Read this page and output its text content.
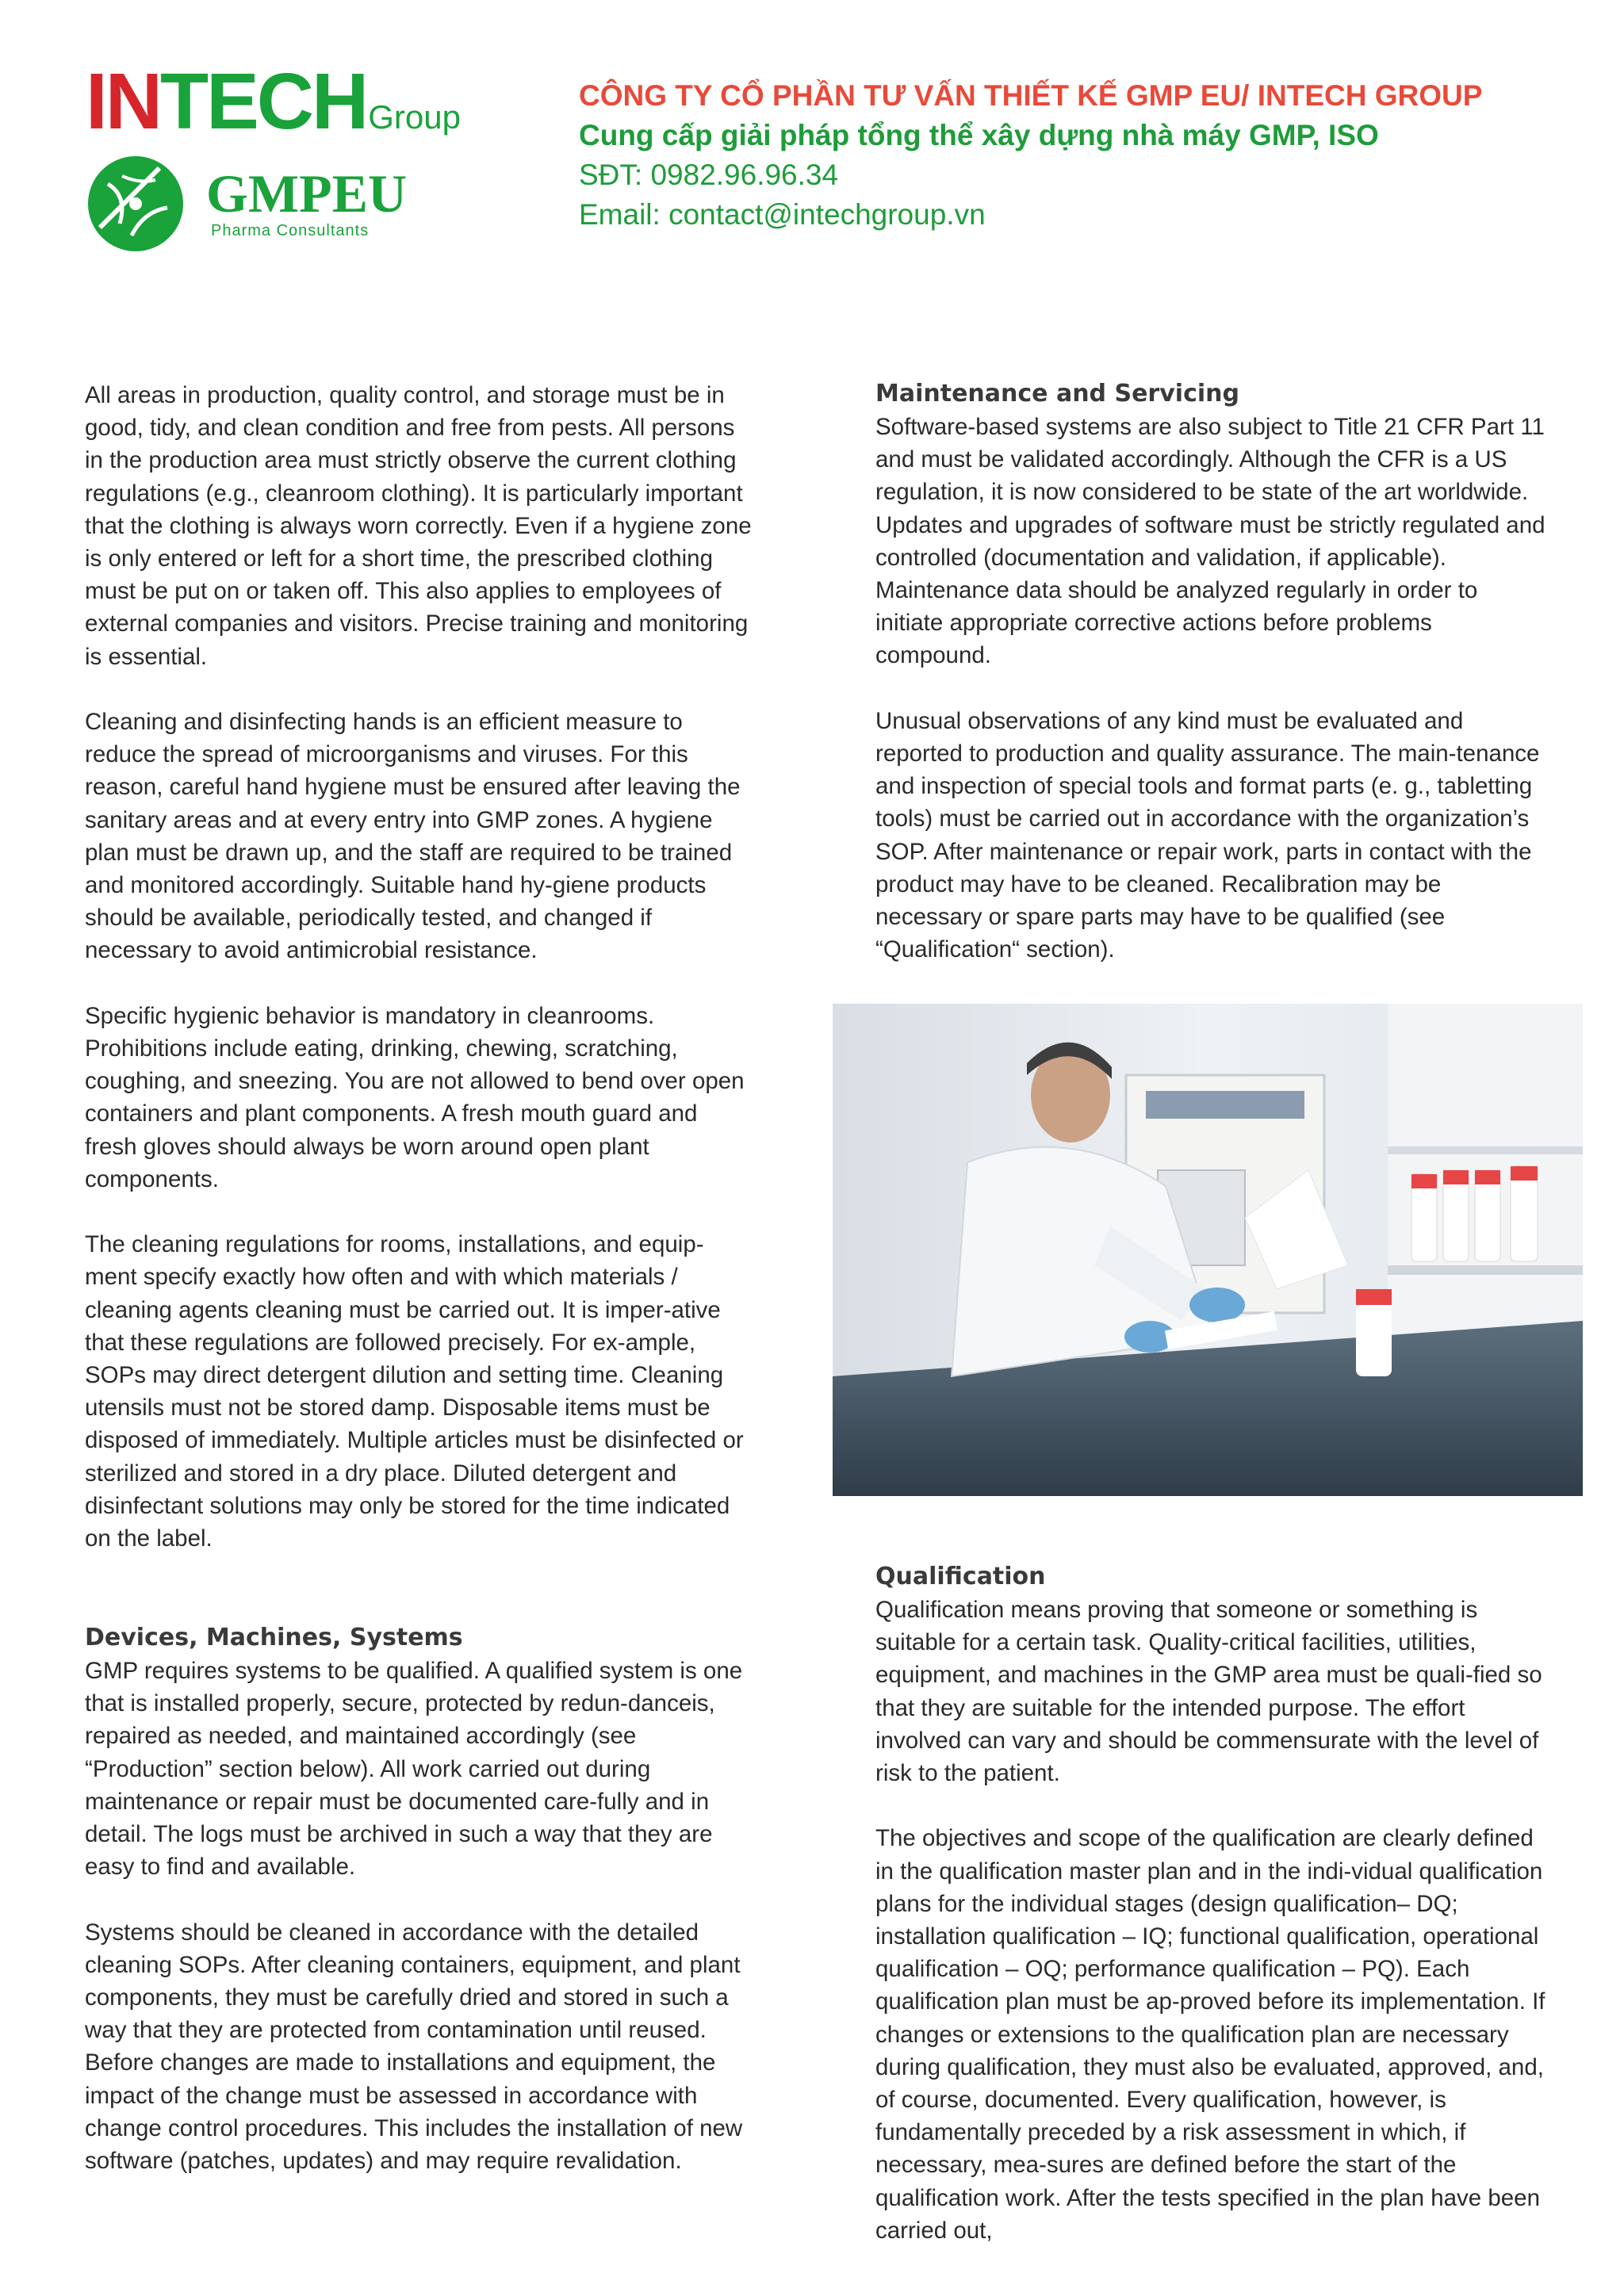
INTECHGroup
GMPEU
Pharma Consultants
CÔNG TY CỔ PHẦN TƯ VẤN THIẾT KẾ GMP EU/ INTECH GROUP
Cung cấp giải pháp tổng thể xây dựng nhà máy GMP, ISO
SĐT: 0982.96.96.34
Email: contact@intechgroup.vn

All areas in production, quality control, and storage must be in good, tidy, and clean condition and free from pests. All persons in the production area must strictly observe the current clothing regulations (e.g., cleanroom clothing). It is particularly important that the clothing is always worn correctly. Even if a hygiene zone is only entered or left for a short time, the prescribed clothing must be put on or taken off. This also applies to employees of external companies and visitors. Precise training and monitoring is essential.

Cleaning and disinfecting hands is an efficient measure to reduce the spread of microorganisms and viruses. For this reason, careful hand hygiene must be ensured after leaving the sanitary areas and at every entry into GMP zones. A hygiene plan must be drawn up, and the staff are required to be trained and monitored accordingly. Suitable hand hy-giene products should be available, periodically tested, and changed if necessary to avoid antimicrobial resistance.

Specific hygienic behavior is mandatory in cleanrooms. Prohibitions include eating, drinking, chewing, scratching, coughing, and sneezing. You are not allowed to bend over open containers and plant components. A fresh mouth guard and fresh gloves should always be worn around open plant components.

The cleaning regulations for rooms, installations, and equip-ment specify exactly how often and with which materials / cleaning agents cleaning must be carried out. It is imper-ative that these regulations are followed precisely. For ex-ample, SOPs may direct detergent dilution and setting time. Cleaning utensils must not be stored damp. Disposable items must be disposed of immediately. Multiple articles must be disinfected or sterilized and stored in a dry place. Diluted detergent and disinfectant solutions may only be stored for the time indicated on the label.

Devices, Machines, Systems

GMP requires systems to be qualified. A qualified system is one that is installed properly, secure, protected by redun-danceis, repaired as needed, and maintained accordingly (see “Production” section below). All work carried out during maintenance or repair must be documented care-fully and in detail. The logs must be archived in such a way that they are easy to find and available.

Systems should be cleaned in accordance with the detailed cleaning SOPs. After cleaning containers, equipment, and plant components, they must be carefully dried and stored in such a way that they are protected from contamination until reused. Before changes are made to installations and equipment, the impact of the change must be assessed in accordance with change control procedures. This includes the installation of new software (patches, updates) and may require revalidation.

Maintenance and Servicing

Software-based systems are also subject to Title 21 CFR Part 11 and must be validated accordingly. Although the CFR is a US regulation, it is now considered to be state of the art worldwide. Updates and upgrades of software must be strictly regulated and controlled (documentation and validation, if applicable). Maintenance data should be analyzed regularly in order to initiate appropriate corrective actions before problems compound.

Unusual observations of any kind must be evaluated and reported to production and quality assurance. The main-tenance and inspection of special tools and format parts (e. g., tabletting tools) must be carried out in accordance with the organization’s SOP. After maintenance or repair work, parts in contact with the product may have to be cleaned. Recalibration may be necessary or spare parts may have to be qualified (see “Qualification“ section).

Qualification

Qualification means proving that someone or something is suitable for a certain task. Quality-critical facilities, utilities, equipment, and machines in the GMP area must be quali-fied so that they are suitable for the intended purpose. The effort involved can vary and should be commensurate with the level of risk to the patient.

The objectives and scope of the qualification are clearly defined in the qualification master plan and in the indi-vidual qualification plans for the individual stages (design qualification– DQ; installation qualification – IQ; functional qualification, operational qualification – OQ; performance qualification – PQ). Each qualification plan must be ap-proved before its implementation. If changes or extensions to the qualification plan are necessary during qualification, they must also be evaluated, approved, and, of course, documented. Every qualification, however, is fundamentally preceded by a risk assessment in which, if necessary, mea-sures are defined before the start of the qualification work. After the tests specified in the plan have been carried out,
